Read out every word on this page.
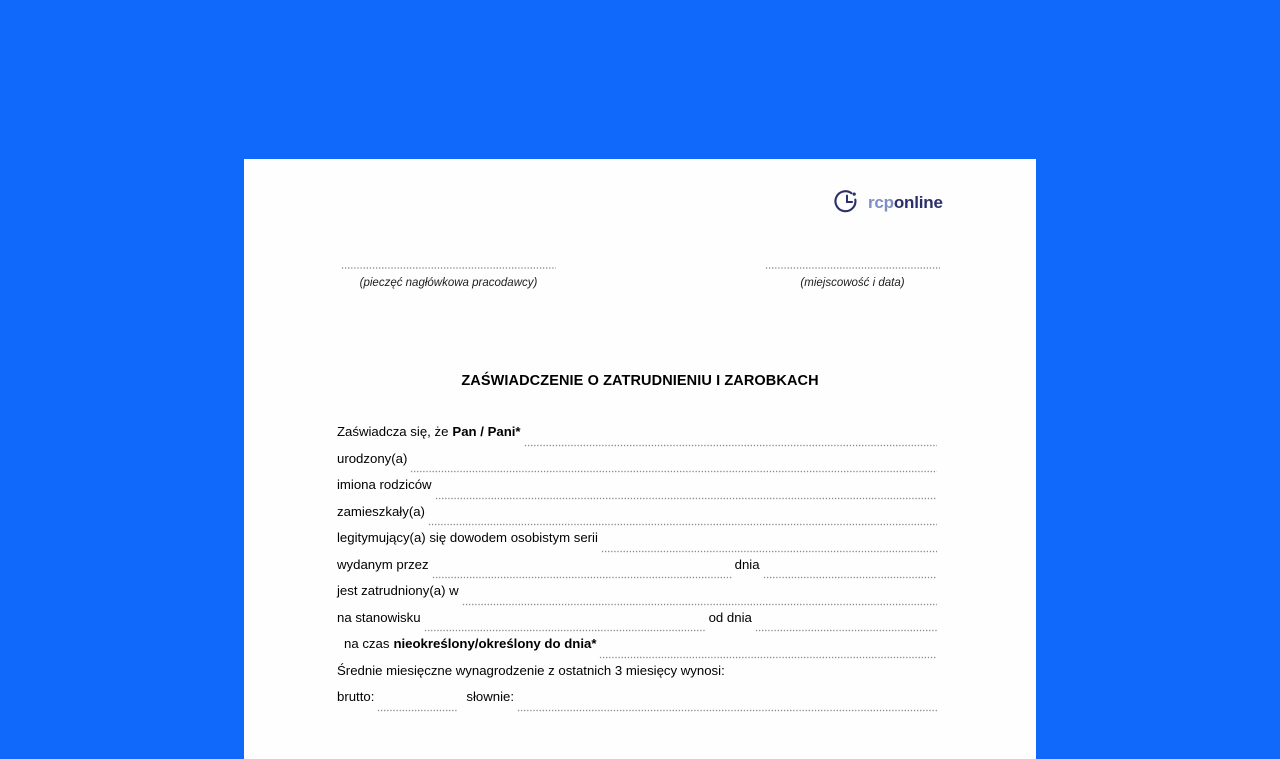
rcponline
(pieczęć nagłówkowa pracodawcy)	(miejscowość i data)
ZAŚWIADCZENIE O ZATRUDNIENIU I ZAROBKACH
Zaświadcza się, że Pan / Pani*
urodzony(a)
imiona rodziców
zamieszkały(a)
legitymujący(a) się dowodem osobistym serii
wydanym przez	dnia
jest zatrudniony(a) w
na stanowisku	od dnia
na czas nieokreślony/określony do dnia*
Średnie miesięczne wynagrodzenie z ostatnich 3 miesięcy wynosi:
brutto:	słownie:
